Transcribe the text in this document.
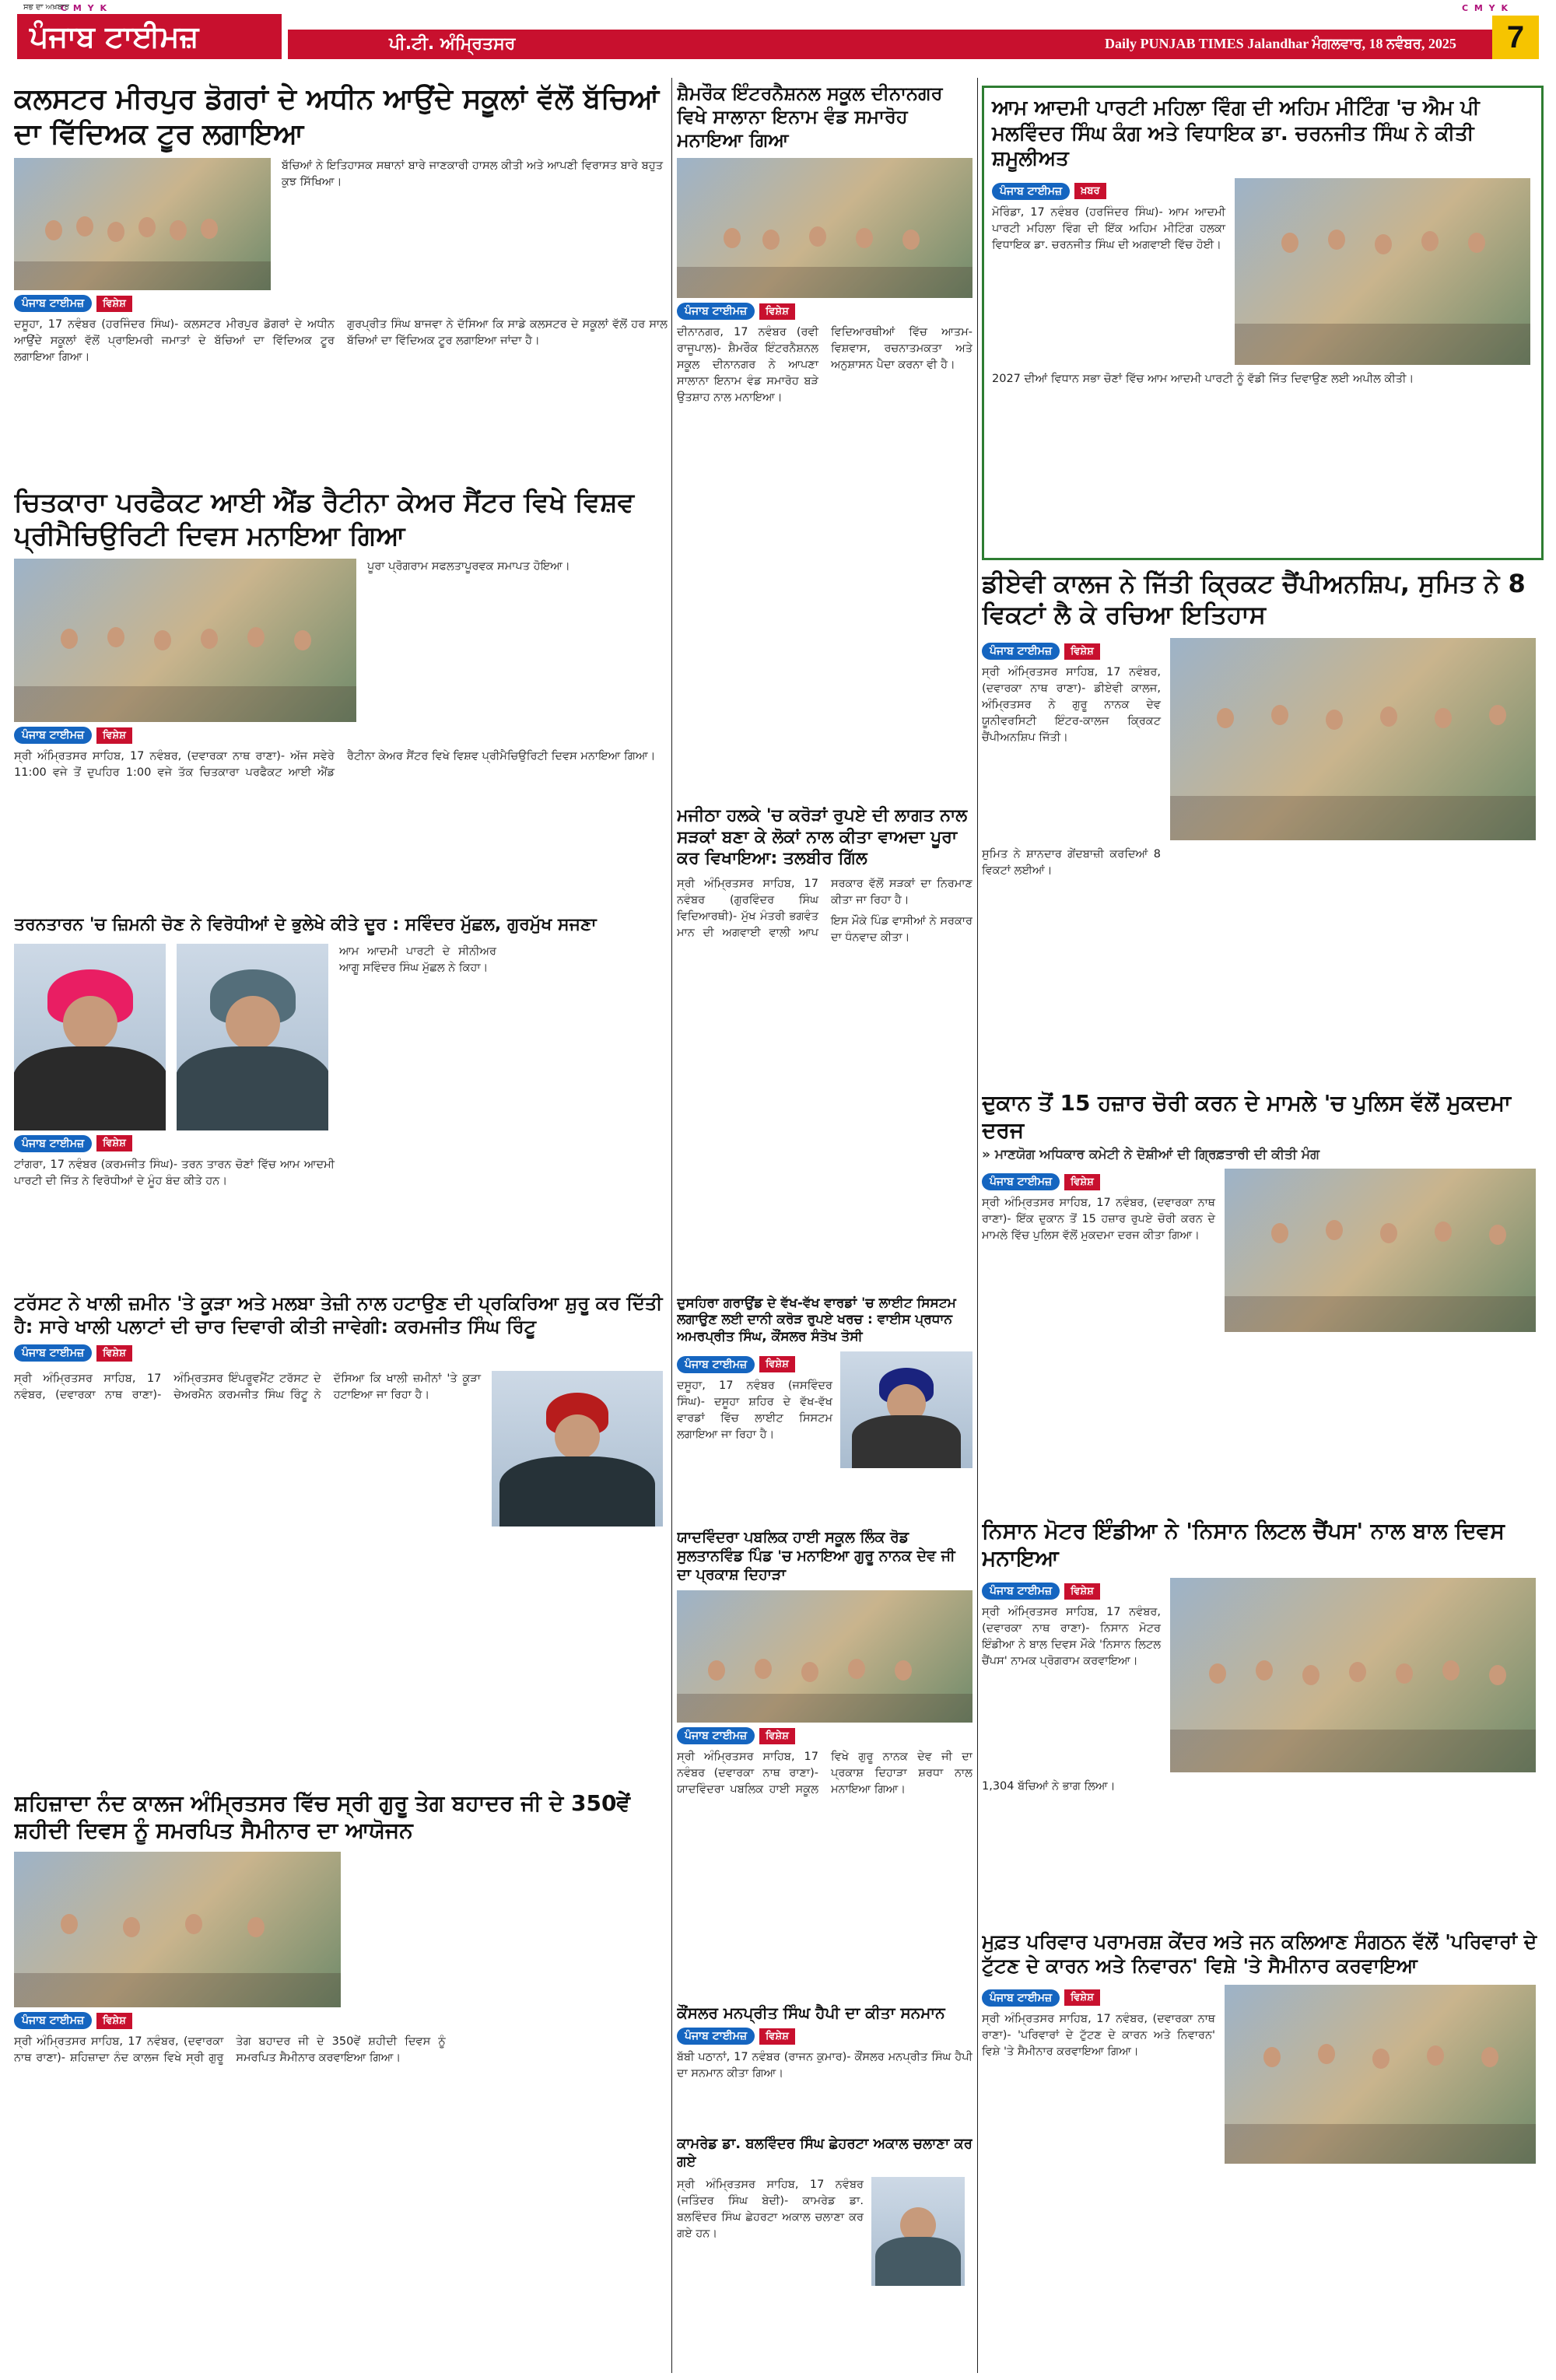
C M Y K	C M Y K
ਸਭ ਦਾ ਅਖ਼ਬਾਰ
ਪੰਜਾਬ ਟਾਈਮਜ਼	ਪੀ.ਟੀ. ਅੰਮ੍ਰਿਤਸਰ	Daily PUNJAB TIMES Jalandhar ਮੰਗਲਵਾਰ, 18 ਨਵੰਬਰ, 2025	7
ਕਲਸਟਰ ਮੀਰਪੁਰ ਡੋਗਰਾਂ ਦੇ ਅਧੀਨ ਆਉਂਦੇ ਸਕੂਲਾਂ ਵੱਲੋਂ ਬੱਚਿਆਂ ਦਾ ਵਿੱਦਿਅਕ ਟੂਰ ਲਗਾਇਆ

ਬੱਚਿਆਂ ਨੇ ਇਤਿਹਾਸਕ ਸਥਾਨਾਂ ਬਾਰੇ ਜਾਣਕਾਰੀ ਹਾਸਲ ਕੀਤੀ ਅਤੇ ਆਪਣੀ ਵਿਰਾਸਤ ਬਾਰੇ ਬਹੁਤ ਕੁਝ ਸਿੱਖਿਆ।

ਪੰਜਾਬ ਟਾਈਮਜ਼	ਵਿਸ਼ੇਸ਼

ਦਸੂਹਾ, 17 ਨਵੰਬਰ (ਹਰਜਿੰਦਰ ਸਿੰਘ)- ਕਲਸਟਰ ਮੀਰਪੁਰ ਡੋਗਰਾਂ ਦੇ ਅਧੀਨ ਆਉਂਦੇ ਸਕੂਲਾਂ ਵੱਲੋਂ ਪ੍ਰਾਇਮਰੀ ਜਮਾਤਾਂ ਦੇ ਬੱਚਿਆਂ ਦਾ ਵਿੱਦਿਅਕ ਟੂਰ ਲਗਾਇਆ ਗਿਆ।

ਗੁਰਪ੍ਰੀਤ ਸਿੰਘ ਬਾਜਵਾ ਨੇ ਦੱਸਿਆ ਕਿ ਸਾਡੇ ਕਲਸਟਰ ਦੇ ਸਕੂਲਾਂ ਵੱਲੋਂ ਹਰ ਸਾਲ ਬੱਚਿਆਂ ਦਾ ਵਿੱਦਿਅਕ ਟੂਰ ਲਗਾਇਆ ਜਾਂਦਾ ਹੈ।

ਸ਼ੈਮਰੌਕ ਇੰਟਰਨੈਸ਼ਨਲ ਸਕੂਲ ਦੀਨਾਨਗਰ ਵਿਖੇ ਸਾਲਾਨਾ ਇਨਾਮ ਵੰਡ ਸਮਾਰੋਹ ਮਨਾਇਆ ਗਿਆ
ਪੰਜਾਬ ਟਾਈਮਜ਼	ਵਿਸ਼ੇਸ਼

ਦੀਨਾਨਗਰ, 17 ਨਵੰਬਰ (ਰਵੀ ਰਾਜੂਪਾਲ)- ਸ਼ੈਮਰੌਕ ਇੰਟਰਨੈਸ਼ਨਲ ਸਕੂਲ ਦੀਨਾਨਗਰ ਨੇ ਆਪਣਾ ਸਾਲਾਨਾ ਇਨਾਮ ਵੰਡ ਸਮਾਰੋਹ ਬੜੇ ਉਤਸ਼ਾਹ ਨਾਲ ਮਨਾਇਆ।

ਵਿਦਿਆਰਥੀਆਂ ਵਿੱਚ ਆਤਮ-ਵਿਸ਼ਵਾਸ, ਰਚਨਾਤਮਕਤਾ ਅਤੇ ਅਨੁਸ਼ਾਸਨ ਪੈਦਾ ਕਰਨਾ ਵੀ ਹੈ।

ਆਮ ਆਦਮੀ ਪਾਰਟੀ ਮਹਿਲਾ ਵਿੰਗ ਦੀ ਅਹਿਮ ਮੀਟਿੰਗ 'ਚ ਐਮ ਪੀ ਮਲਵਿੰਦਰ ਸਿੰਘ ਕੰਗ ਅਤੇ ਵਿਧਾਇਕ ਡਾ. ਚਰਨਜੀਤ ਸਿੰਘ ਨੇ ਕੀਤੀ ਸ਼ਮੂਲੀਅਤ
ਪੰਜਾਬ ਟਾਈਮਜ਼	ਖ਼ਬਰ

ਮੋਰਿੰਡਾ, 17 ਨਵੰਬਰ (ਹਰਜਿੰਦਰ ਸਿੰਘ)- ਆਮ ਆਦਮੀ ਪਾਰਟੀ ਮਹਿਲਾ ਵਿੰਗ ਦੀ ਇੱਕ ਅਹਿਮ ਮੀਟਿੰਗ ਹਲਕਾ ਵਿਧਾਇਕ ਡਾ. ਚਰਨਜੀਤ ਸਿੰਘ ਦੀ ਅਗਵਾਈ ਵਿੱਚ ਹੋਈ।

2027 ਦੀਆਂ ਵਿਧਾਨ ਸਭਾ ਚੋਣਾਂ ਵਿੱਚ ਆਮ ਆਦਮੀ ਪਾਰਟੀ ਨੂੰ ਵੱਡੀ ਜਿੱਤ ਦਿਵਾਉਣ ਲਈ ਅਪੀਲ ਕੀਤੀ।

ਚਿਤਕਾਰਾ ਪਰਫੈਕਟ ਆਈ ਐਂਡ ਰੈਟੀਨਾ ਕੇਅਰ ਸੈਂਟਰ ਵਿਖੇ ਵਿਸ਼ਵ ਪ੍ਰੀਮੈਚਿਉਰਿਟੀ ਦਿਵਸ ਮਨਾਇਆ ਗਿਆ

ਪੂਰਾ ਪ੍ਰੋਗਰਾਮ ਸਫਲਤਾਪੂਰਵਕ ਸਮਾਪਤ ਹੋਇਆ।

ਪੰਜਾਬ ਟਾਈਮਜ਼	ਵਿਸ਼ੇਸ਼

ਸ੍ਰੀ ਅੰਮ੍ਰਿਤਸਰ ਸਾਹਿਬ, 17 ਨਵੰਬਰ, (ਦਵਾਰਕਾ ਨਾਥ ਰਾਣਾ)- ਅੱਜ ਸਵੇਰੇ 11:00 ਵਜੇ ਤੋਂ ਦੁਪਹਿਰ 1:00 ਵਜੇ ਤੱਕ ਚਿਤਕਾਰਾ ਪਰਫੈਕਟ ਆਈ ਐਂਡ ਰੈਟੀਨਾ ਕੇਅਰ ਸੈਂਟਰ ਵਿਖੇ ਵਿਸ਼ਵ ਪ੍ਰੀਮੈਚਿਉਰਿਟੀ ਦਿਵਸ ਮਨਾਇਆ ਗਿਆ।

ਮਜੀਠਾ ਹਲਕੇ 'ਚ ਕਰੋੜਾਂ ਰੁਪਏ ਦੀ ਲਾਗਤ ਨਾਲ ਸੜਕਾਂ ਬਣਾ ਕੇ ਲੋਕਾਂ ਨਾਲ ਕੀਤਾ ਵਾਅਦਾ ਪੂਰਾ ਕਰ ਵਿਖਾਇਆ: ਤਲਬੀਰ ਗਿੱਲ

ਸ੍ਰੀ ਅੰਮ੍ਰਿਤਸਰ ਸਾਹਿਬ, 17 ਨਵੰਬਰ (ਗੁਰਵਿੰਦਰ ਸਿੰਘ ਵਿਦਿਆਰਥੀ)- ਮੁੱਖ ਮੰਤਰੀ ਭਗਵੰਤ ਮਾਨ ਦੀ ਅਗਵਾਈ ਵਾਲੀ ਆਪ ਸਰਕਾਰ ਵੱਲੋਂ ਸੜਕਾਂ ਦਾ ਨਿਰਮਾਣ ਕੀਤਾ ਜਾ ਰਿਹਾ ਹੈ।

ਇਸ ਮੌਕੇ ਪਿੰਡ ਵਾਸੀਆਂ ਨੇ ਸਰਕਾਰ ਦਾ ਧੰਨਵਾਦ ਕੀਤਾ।

ਡੀਏਵੀ ਕਾਲਜ ਨੇ ਜਿੱਤੀ ਕ੍ਰਿਕਟ ਚੈਂਪੀਅਨਸ਼ਿਪ, ਸੁਮਿਤ ਨੇ 8 ਵਿਕਟਾਂ ਲੈ ਕੇ ਰਚਿਆ ਇਤਿਹਾਸ
ਪੰਜਾਬ ਟਾਈਮਜ਼	ਵਿਸ਼ੇਸ਼

ਸ੍ਰੀ ਅੰਮ੍ਰਿਤਸਰ ਸਾਹਿਬ, 17 ਨਵੰਬਰ, (ਦਵਾਰਕਾ ਨਾਥ ਰਾਣਾ)- ਡੀਏਵੀ ਕਾਲਜ, ਅੰਮ੍ਰਿਤਸਰ ਨੇ ਗੁਰੂ ਨਾਨਕ ਦੇਵ ਯੂਨੀਵਰਸਿਟੀ ਇੰਟਰ-ਕਾਲਜ ਕ੍ਰਿਕਟ ਚੈਂਪੀਅਨਸ਼ਿਪ ਜਿੱਤੀ।

ਸੁਮਿਤ ਨੇ ਸ਼ਾਨਦਾਰ ਗੇਂਦਬਾਜ਼ੀ ਕਰਦਿਆਂ 8 ਵਿਕਟਾਂ ਲਈਆਂ।

ਤਰਨਤਾਰਨ 'ਚ ਜ਼ਿਮਨੀ ਚੋਣ ਨੇ ਵਿਰੋਧੀਆਂ ਦੇ ਭੁਲੇਖੇ ਕੀਤੇ ਦੂਰ : ਸਵਿੰਦਰ ਮੁੱਛਲ, ਗੁਰਮੁੱਖ ਸਜਣਾ

ਆਮ ਆਦਮੀ ਪਾਰਟੀ ਦੇ ਸੀਨੀਅਰ ਆਗੂ ਸਵਿੰਦਰ ਸਿੰਘ ਮੁੱਛਲ ਨੇ ਕਿਹਾ।

ਪੰਜਾਬ ਟਾਈਮਜ਼	ਵਿਸ਼ੇਸ਼

ਟਾਂਗਰਾ, 17 ਨਵੰਬਰ (ਕਰਮਜੀਤ ਸਿੰਘ)- ਤਰਨ ਤਾਰਨ ਚੋਣਾਂ ਵਿੱਚ ਆਮ ਆਦਮੀ ਪਾਰਟੀ ਦੀ ਜਿੱਤ ਨੇ ਵਿਰੋਧੀਆਂ ਦੇ ਮੂੰਹ ਬੰਦ ਕੀਤੇ ਹਨ।

ਦੁਸਹਿਰਾ ਗਰਾਉਂਡ ਦੇ ਵੱਖ-ਵੱਖ ਵਾਰਡਾਂ 'ਚ ਲਾਈਟ ਸਿਸਟਮ ਲਗਾਉਣ ਲਈ ਦਾਨੀ ਕਰੋੜ ਰੁਪਏ ਖਰਚ : ਵਾਈਸ ਪ੍ਰਧਾਨ ਅਮਰਪ੍ਰੀਤ ਸਿੰਘ, ਕੌਂਸਲਰ ਸੰਤੋਖ ਤੋਸੀ
ਪੰਜਾਬ ਟਾਈਮਜ਼	ਵਿਸ਼ੇਸ਼

ਦਸੂਹਾ, 17 ਨਵੰਬਰ (ਜਸਵਿੰਦਰ ਸਿੰਘ)- ਦਸੂਹਾ ਸ਼ਹਿਰ ਦੇ ਵੱਖ-ਵੱਖ ਵਾਰਡਾਂ ਵਿੱਚ ਲਾਈਟ ਸਿਸਟਮ ਲਗਾਇਆ ਜਾ ਰਿਹਾ ਹੈ।

ਦੁਕਾਨ ਤੋਂ 15 ਹਜ਼ਾਰ ਚੋਰੀ ਕਰਨ ਦੇ ਮਾਮਲੇ 'ਚ ਪੁਲਿਸ ਵੱਲੋਂ ਮੁਕਦਮਾ ਦਰਜ
» ਮਾਣਯੋਗ ਅਧਿਕਾਰ ਕਮੇਟੀ ਨੇ ਦੋਸ਼ੀਆਂ ਦੀ ਗ੍ਰਿਫ਼ਤਾਰੀ ਦੀ ਕੀਤੀ ਮੰਗ
ਪੰਜਾਬ ਟਾਈਮਜ਼	ਵਿਸ਼ੇਸ਼

ਸ੍ਰੀ ਅੰਮ੍ਰਿਤਸਰ ਸਾਹਿਬ, 17 ਨਵੰਬਰ, (ਦਵਾਰਕਾ ਨਾਥ ਰਾਣਾ)- ਇੱਕ ਦੁਕਾਨ ਤੋਂ 15 ਹਜ਼ਾਰ ਰੁਪਏ ਚੋਰੀ ਕਰਨ ਦੇ ਮਾਮਲੇ ਵਿੱਚ ਪੁਲਿਸ ਵੱਲੋਂ ਮੁਕਦਮਾ ਦਰਜ ਕੀਤਾ ਗਿਆ।

ਟਰੱਸਟ ਨੇ ਖਾਲੀ ਜ਼ਮੀਨ 'ਤੇ ਕੂੜਾ ਅਤੇ ਮਲਬਾ ਤੇਜ਼ੀ ਨਾਲ ਹਟਾਉਣ ਦੀ ਪ੍ਰਕਿਰਿਆ ਸ਼ੁਰੂ ਕਰ ਦਿੱਤੀ ਹੈ: ਸਾਰੇ ਖਾਲੀ ਪਲਾਟਾਂ ਦੀ ਚਾਰ ਦਿਵਾਰੀ ਕੀਤੀ ਜਾਵੇਗੀ: ਕਰਮਜੀਤ ਸਿੰਘ ਰਿੰਟੂ
ਪੰਜਾਬ ਟਾਈਮਜ਼	ਵਿਸ਼ੇਸ਼

ਸ੍ਰੀ ਅੰਮ੍ਰਿਤਸਰ ਸਾਹਿਬ, 17 ਨਵੰਬਰ, (ਦਵਾਰਕਾ ਨਾਥ ਰਾਣਾ)- ਅੰਮ੍ਰਿਤਸਰ ਇੰਪਰੂਵਮੈਂਟ ਟਰੱਸਟ ਦੇ ਚੇਅਰਮੈਨ ਕਰਮਜੀਤ ਸਿੰਘ ਰਿੰਟੂ ਨੇ ਦੱਸਿਆ ਕਿ ਖਾਲੀ ਜ਼ਮੀਨਾਂ 'ਤੇ ਕੂੜਾ ਹਟਾਇਆ ਜਾ ਰਿਹਾ ਹੈ।

ਯਾਦਵਿੰਦਰਾ ਪਬਲਿਕ ਹਾਈ ਸਕੂਲ ਲਿੰਕ ਰੋਡ ਸੁਲਤਾਨਵਿੰਡ ਪਿੰਡ 'ਚ ਮਨਾਇਆ ਗੁਰੂ ਨਾਨਕ ਦੇਵ ਜੀ ਦਾ ਪ੍ਰਕਾਸ਼ ਦਿਹਾੜਾ
ਪੰਜਾਬ ਟਾਈਮਜ਼	ਵਿਸ਼ੇਸ਼

ਸ੍ਰੀ ਅੰਮ੍ਰਿਤਸਰ ਸਾਹਿਬ, 17 ਨਵੰਬਰ (ਦਵਾਰਕਾ ਨਾਥ ਰਾਣਾ)- ਯਾਦਵਿੰਦਰਾ ਪਬਲਿਕ ਹਾਈ ਸਕੂਲ ਵਿਖੇ ਗੁਰੂ ਨਾਨਕ ਦੇਵ ਜੀ ਦਾ ਪ੍ਰਕਾਸ਼ ਦਿਹਾੜਾ ਸ਼ਰਧਾ ਨਾਲ ਮਨਾਇਆ ਗਿਆ।

ਨਿਸਾਨ ਮੋਟਰ ਇੰਡੀਆ ਨੇ 'ਨਿਸਾਨ ਲਿਟਲ ਚੈਂਪਸ' ਨਾਲ ਬਾਲ ਦਿਵਸ ਮਨਾਇਆ
ਪੰਜਾਬ ਟਾਈਮਜ਼	ਵਿਸ਼ੇਸ਼

ਸ੍ਰੀ ਅੰਮ੍ਰਿਤਸਰ ਸਾਹਿਬ, 17 ਨਵੰਬਰ, (ਦਵਾਰਕਾ ਨਾਥ ਰਾਣਾ)- ਨਿਸਾਨ ਮੋਟਰ ਇੰਡੀਆ ਨੇ ਬਾਲ ਦਿਵਸ ਮੌਕੇ 'ਨਿਸਾਨ ਲਿਟਲ ਚੈਂਪਸ' ਨਾਮਕ ਪ੍ਰੋਗਰਾਮ ਕਰਵਾਇਆ।

1,304 ਬੱਚਿਆਂ ਨੇ ਭਾਗ ਲਿਆ।

ਕੌਂਸਲਰ ਮਨਪ੍ਰੀਤ ਸਿੰਘ ਹੈਪੀ ਦਾ ਕੀਤਾ ਸਨਮਾਨ
ਪੰਜਾਬ ਟਾਈਮਜ਼	ਵਿਸ਼ੇਸ਼

ਬੱਬੀ ਪਠਾਨਾਂ, 17 ਨਵੰਬਰ (ਰਾਜਨ ਕੁਮਾਰ)- ਕੌਂਸਲਰ ਮਨਪ੍ਰੀਤ ਸਿੰਘ ਹੈਪੀ ਦਾ ਸਨਮਾਨ ਕੀਤਾ ਗਿਆ।

ਸ਼ਹਿਜ਼ਾਦਾ ਨੰਦ ਕਾਲਜ ਅੰਮ੍ਰਿਤਸਰ ਵਿੱਚ ਸ੍ਰੀ ਗੁਰੂ ਤੇਗ ਬਹਾਦਰ ਜੀ ਦੇ 350ਵੇਂ ਸ਼ਹੀਦੀ ਦਿਵਸ ਨੂੰ ਸਮਰਪਿਤ ਸੈਮੀਨਾਰ ਦਾ ਆਯੋਜਨ
ਪੰਜਾਬ ਟਾਈਮਜ਼	ਵਿਸ਼ੇਸ਼

ਸ੍ਰੀ ਅੰਮ੍ਰਿਤਸਰ ਸਾਹਿਬ, 17 ਨਵੰਬਰ, (ਦਵਾਰਕਾ ਨਾਥ ਰਾਣਾ)- ਸ਼ਹਿਜ਼ਾਦਾ ਨੰਦ ਕਾਲਜ ਵਿਖੇ ਸ੍ਰੀ ਗੁਰੂ ਤੇਗ ਬਹਾਦਰ ਜੀ ਦੇ 350ਵੇਂ ਸ਼ਹੀਦੀ ਦਿਵਸ ਨੂੰ ਸਮਰਪਿਤ ਸੈਮੀਨਾਰ ਕਰਵਾਇਆ ਗਿਆ।

ਕਾਮਰੇਡ ਡਾ. ਬਲਵਿੰਦਰ ਸਿੰਘ ਛੇਹਰਟਾ ਅਕਾਲ ਚਲਾਣਾ ਕਰ ਗਏ

ਸ੍ਰੀ ਅੰਮ੍ਰਿਤਸਰ ਸਾਹਿਬ, 17 ਨਵੰਬਰ (ਜਤਿੰਦਰ ਸਿੰਘ ਬੇਦੀ)- ਕਾਮਰੇਡ ਡਾ. ਬਲਵਿੰਦਰ ਸਿੰਘ ਛੇਹਰਟਾ ਅਕਾਲ ਚਲਾਣਾ ਕਰ ਗਏ ਹਨ।

ਮੁਫ਼ਤ ਪਰਿਵਾਰ ਪਰਾਮਰਸ਼ ਕੇਂਦਰ ਅਤੇ ਜਨ ਕਲਿਆਣ ਸੰਗਠਨ ਵੱਲੋਂ 'ਪਰਿਵਾਰਾਂ ਦੇ ਟੁੱਟਣ ਦੇ ਕਾਰਨ ਅਤੇ ਨਿਵਾਰਨ' ਵਿਸ਼ੇ 'ਤੇ ਸੈਮੀਨਾਰ ਕਰਵਾਇਆ
ਪੰਜਾਬ ਟਾਈਮਜ਼	ਵਿਸ਼ੇਸ਼

ਸ੍ਰੀ ਅੰਮ੍ਰਿਤਸਰ ਸਾਹਿਬ, 17 ਨਵੰਬਰ, (ਦਵਾਰਕਾ ਨਾਥ ਰਾਣਾ)- 'ਪਰਿਵਾਰਾਂ ਦੇ ਟੁੱਟਣ ਦੇ ਕਾਰਨ ਅਤੇ ਨਿਵਾਰਨ' ਵਿਸ਼ੇ 'ਤੇ ਸੈਮੀਨਾਰ ਕਰਵਾਇਆ ਗਿਆ।
